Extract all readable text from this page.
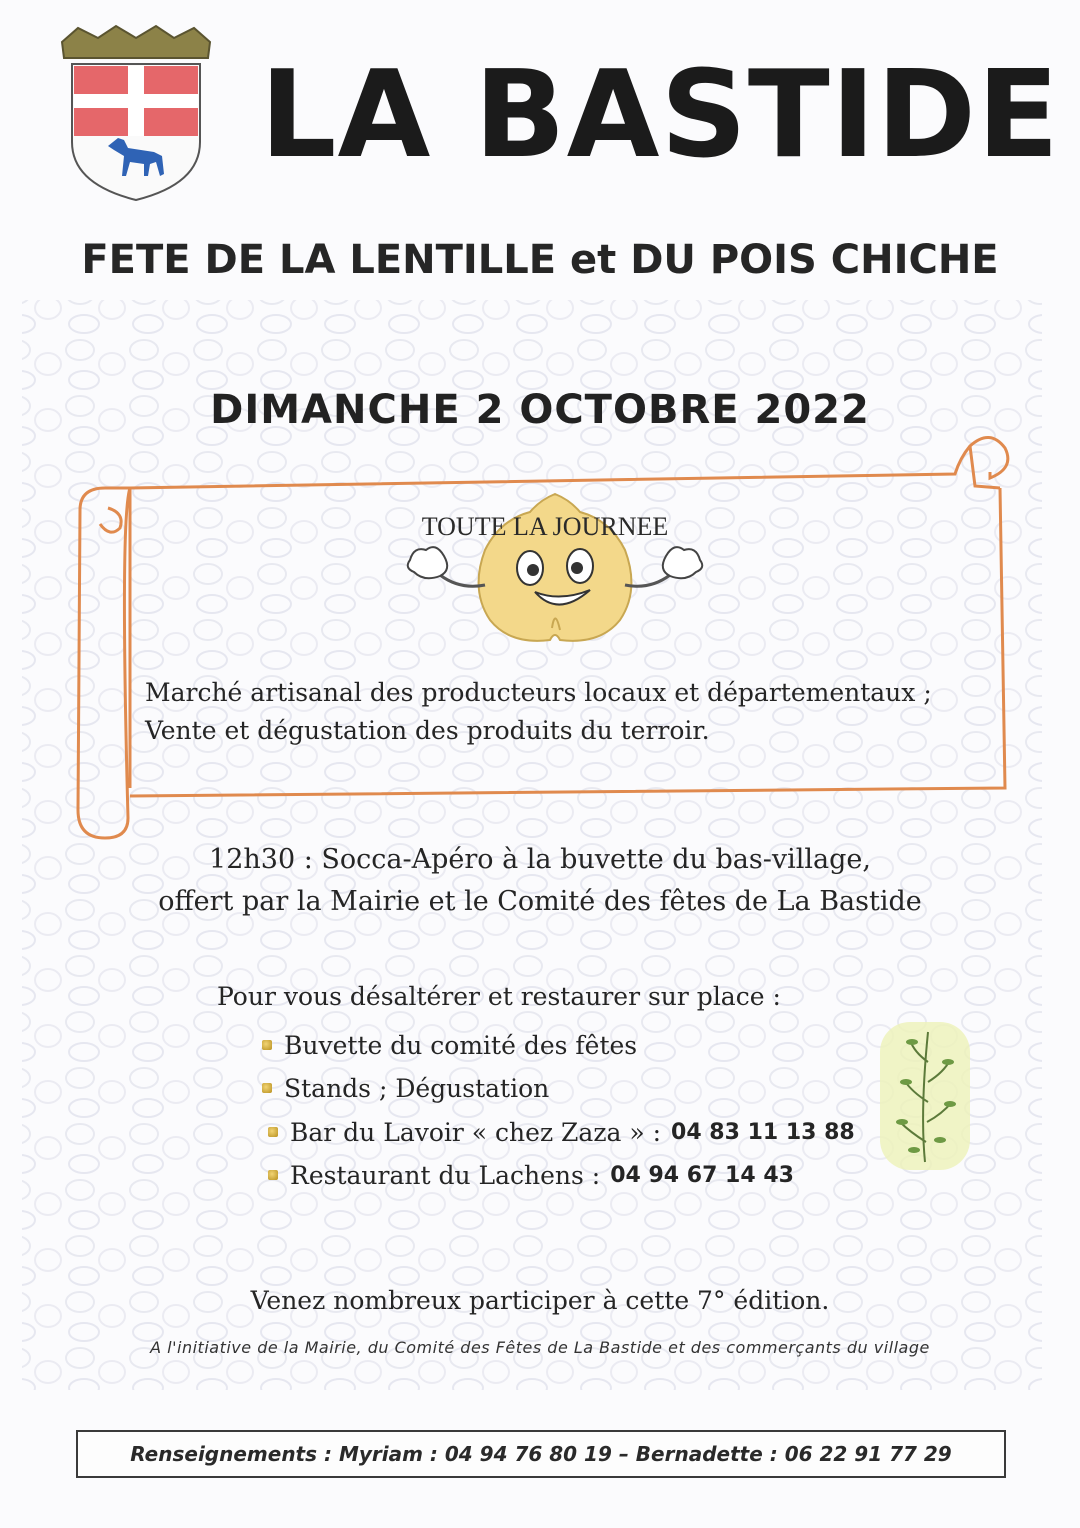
LA BASTIDE
FETE DE LA LENTILLE et DU POIS CHICHE
DIMANCHE 2 OCTOBRE 2022
TOUTE LA JOURNEE
Marché artisanal des producteurs locaux et départementaux ;
Vente et dégustation des produits du terroir.
12h30 : Socca-Apéro à la buvette du bas-village,
offert par la Mairie et le Comité des fêtes de La Bastide
Pour vous désaltérer et restaurer sur place :
Buvette du comité des fêtes
Stands ; Dégustation
Bar du Lavoir « chez Zaza » : 04 83 11 13 88
Restaurant du Lachens : 04 94 67 14 43
Venez nombreux participer à cette 7° édition.
A l'initiative de la Mairie, du Comité des Fêtes de La Bastide et des commerçants du village
Renseignements : Myriam : 04 94 76 80 19 – Bernadette : 06 22 91 77 29
